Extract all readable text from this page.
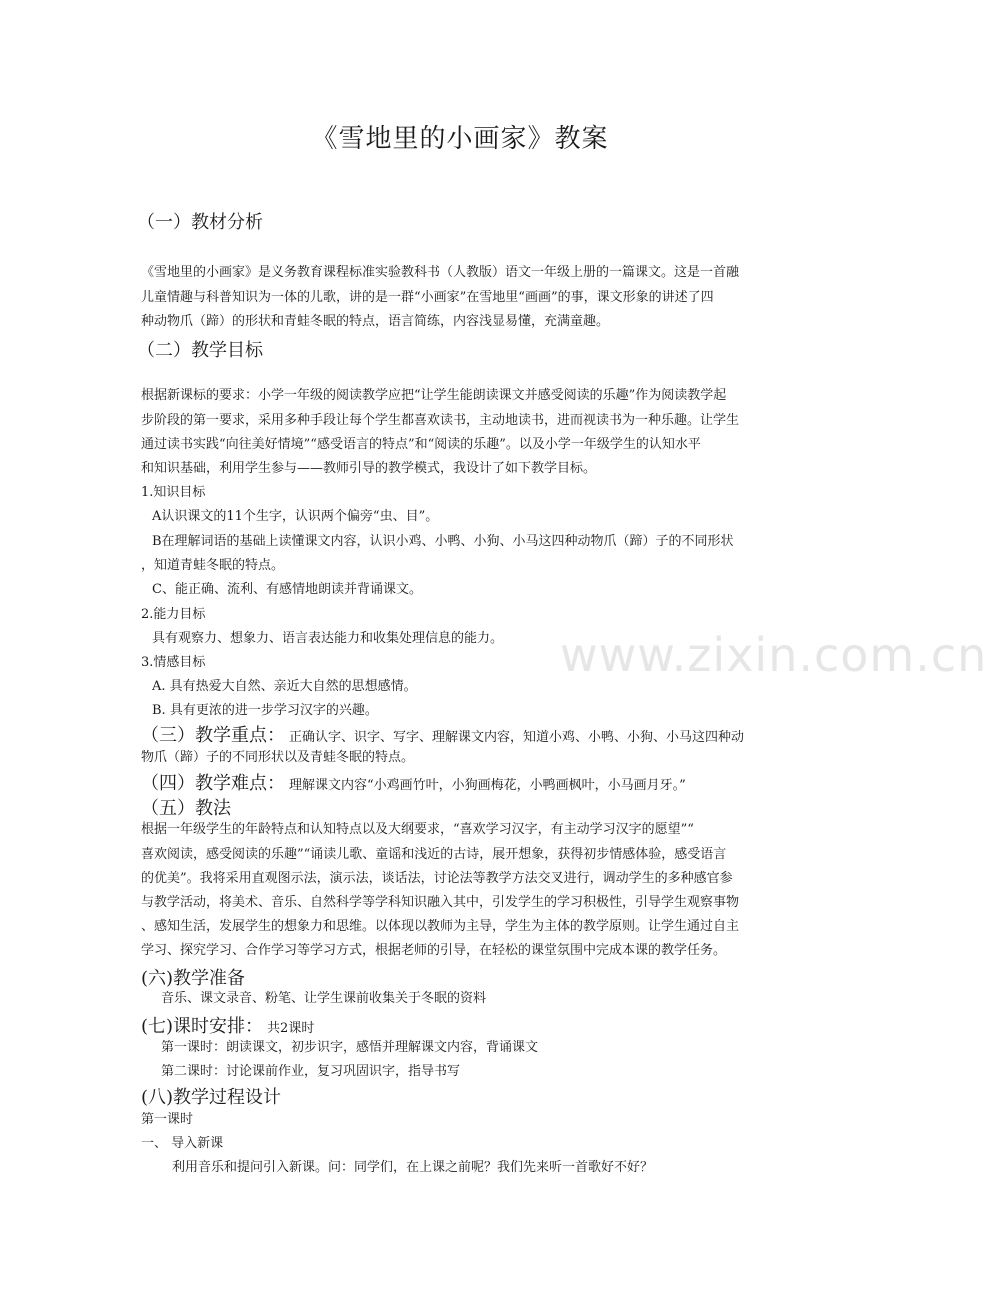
www.zixin.com.cn
《雪地里的小画家》教案
（一）教材分析
《雪地里的小画家》是义务教育课程标准实验教科书（人教版）语文一年级上册的一篇课文。这是一首融
儿童情趣与科普知识为一体的儿歌，讲的是一群“小画家”在雪地里“画画”的事，课文形象的讲述了四
种动物爪（蹄）的形状和青蛙冬眠的特点，语言简练，内容浅显易懂，充满童趣。
（二）教学目标
根据新课标的要求：小学一年级的阅读教学应把“让学生能朗读课文并感受阅读的乐趣”作为阅读教学起
步阶段的第一要求，采用多种手段让每个学生都喜欢读书，主动地读书，进而视读书为一种乐趣。让学生
通过读书实践“向往美好情境”“感受语言的特点”和“阅读的乐趣”。以及小学一年级学生的认知水平
和知识基础，利用学生参与——教师引导的教学模式，我设计了如下教学目标。
1.知识目标
A认识课文的11个生字，认识两个偏旁“虫、目”。
B在理解词语的基础上读懂课文内容，认识小鸡、小鸭、小狗、小马这四种动物爪（蹄）子的不同形状
，知道青蛙冬眠的特点。
C、能正确、流利、有感情地朗读并背诵课文。
2.能力目标
具有观察力、想象力、语言表达能力和收集处理信息的能力。
3.情感目标
A. 具有热爱大自然、亲近大自然的思想感情。
B. 具有更浓的进一步学习汉字的兴趣。
（三）教学重点： 正确认字、识字、写字、理解课文内容，知道小鸡、小鸭、小狗、小马这四种动
物爪（蹄）子的不同形状以及青蛙冬眠的特点。
（四）教学难点： 理解课文内容“小鸡画竹叶，小狗画梅花，小鸭画枫叶，小马画月牙。”
（五）教法
根据一年级学生的年龄特点和认知特点以及大纲要求，“喜欢学习汉字，有主动学习汉字的愿望”“
喜欢阅读，感受阅读的乐趣”“诵读儿歌、童谣和浅近的古诗，展开想象，获得初步情感体验，感受语言
的优美”。我将采用直观图示法，演示法，谈话法，讨论法等教学方法交叉进行，调动学生的多种感官参
与教学活动，将美术、音乐、自然科学等学科知识融入其中，引发学生的学习积极性，引导学生观察事物
、感知生活，发展学生的想象力和思维。以体现以教师为主导，学生为主体的教学原则。让学生通过自主
学习、探究学习、合作学习等学习方式，根据老师的引导，在轻松的课堂氛围中完成本课的教学任务。
(六)教学准备
音乐、课文录音、粉笔、让学生课前收集关于冬眠的资料
(七)课时安排： 共2课时
第一课时：朗读课文，初步识字，感悟并理解课文内容，背诵课文
第二课时：讨论课前作业，复习巩固识字，指导书写
(八)教学过程设计
第一课时
一、 导入新课
利用音乐和提问引入新课。问：同学们，在上课之前呢？我们先来听一首歌好不好？
